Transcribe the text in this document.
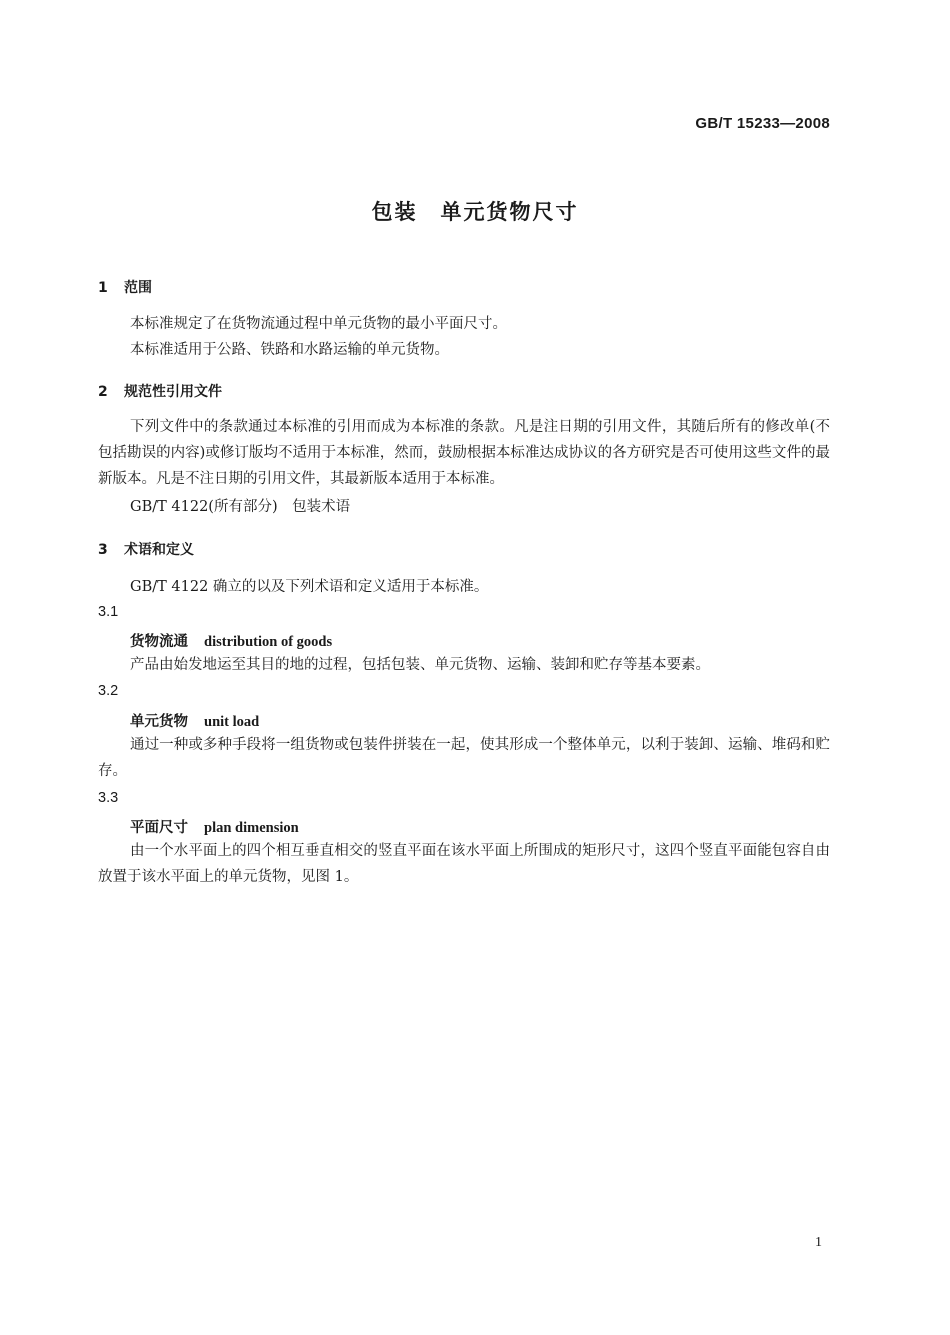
GB/T 15233—2008
包装　单元货物尺寸
1 范围
本标准规定了在货物流通过程中单元货物的最小平面尺寸。
本标准适用于公路、铁路和水路运输的单元货物。
2 规范性引用文件
下列文件中的条款通过本标准的引用而成为本标准的条款。凡是注日期的引用文件，其随后所有的修改单(不包括勘误的内容)或修订版均不适用于本标准，然而，鼓励根据本标准达成协议的各方研究是否可使用这些文件的最新版本。凡是不注日期的引用文件，其最新版本适用于本标准。
GB/T 4122(所有部分)　包装术语
3 术语和定义
GB/T 4122 确立的以及下列术语和定义适用于本标准。
3.1
货物流通 distribution of goods
产品由始发地运至其目的地的过程，包括包装、单元货物、运输、装卸和贮存等基本要素。
3.2
单元货物 unit load
通过一种或多种手段将一组货物或包装件拼装在一起，使其形成一个整体单元，以利于装卸、运输、堆码和贮存。
3.3
平面尺寸 plan dimension
由一个水平面上的四个相互垂直相交的竖直平面在该水平面上所围成的矩形尺寸，这四个竖直平面能包容自由放置于该水平面上的单元货物，见图 1。
1
